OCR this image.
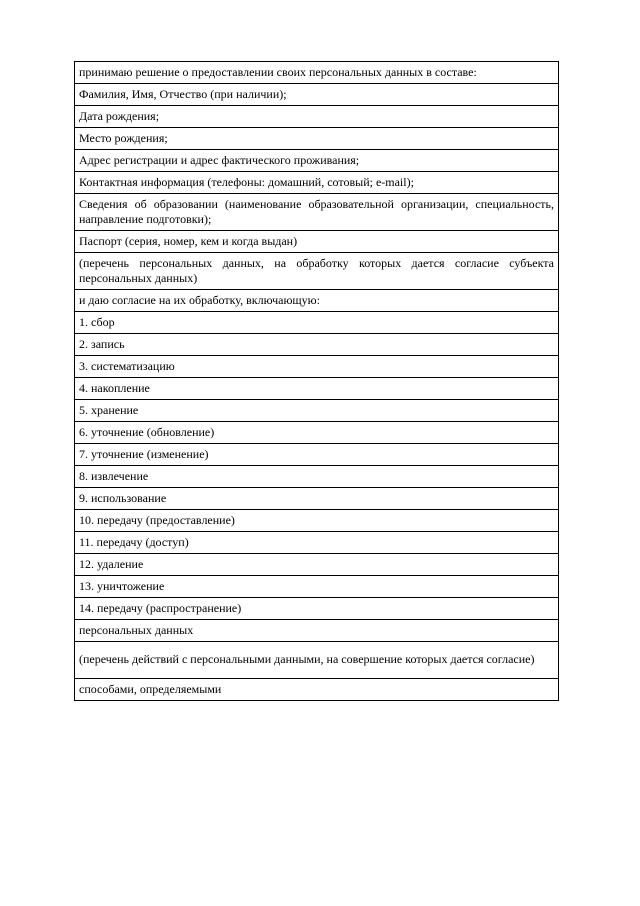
принимаю решение о предоставлении своих персональных данных в составе:
Фамилия, Имя, Отчество (при наличии);
Дата рождения;
Место рождения;
Адрес регистрации и адрес фактического проживания;
Контактная информация (телефоны: домашний, сотовый; e-mail);
Сведения об образовании (наименование образовательной организации, специальность, направление подготовки);
Паспорт (серия, номер, кем и когда выдан)
(перечень персональных данных, на обработку которых дается согласие субъекта персональных данных)
и даю согласие на их обработку, включающую:
1. сбор
2. запись
3. систематизацию
4. накопление
5. хранение
6. уточнение (обновление)
7. уточнение (изменение)
8. извлечение
9. использование
10. передачу (предоставление)
11. передачу (доступ)
12. удаление
13. уничтожение
14. передачу (распространение)
персональных данных
(перечень действий с персональными данными, на совершение которых дается согласие)
способами, определяемыми
